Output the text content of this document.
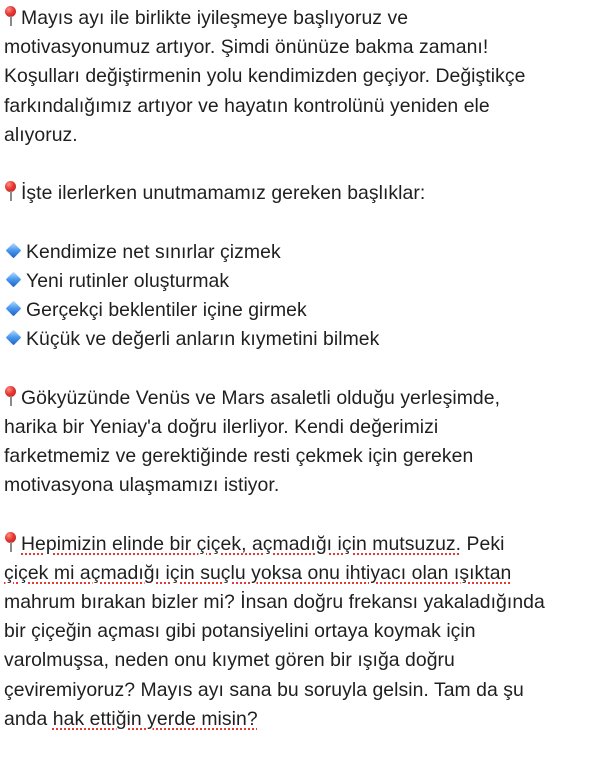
Mayıs ayı ile birlikte iyileşmeye başlıyoruz ve
motivasyonumuz artıyor. Şimdi önünüze bakma zamanı!
Koşulları değiştirmenin yolu kendimizden geçiyor. Değiştikçe
farkındalığımız artıyor ve hayatın kontrolünü yeniden ele
alıyoruz.
İşte ilerlerken unutmamamız gereken başlıklar:
Kendimize net sınırlar çizmek
Yeni rutinler oluşturmak
Gerçekçi beklentiler içine girmek
Küçük ve değerli anların kıymetini bilmek
Gökyüzünde Venüs ve Mars asaletli olduğu yerleşimde,
harika bir Yeniay'a doğru ilerliyor. Kendi değerimizi
farketmemiz ve gerektiğinde resti çekmek için gereken
motivasyona ulaşmamızı istiyor.
Hepimizin elinde bir çiçek, açmadığı için mutsuzuz. Peki
çiçek mi açmadığı için suçlu yoksa onu ihtiyacı olan ışıktan
mahrum bırakan bizler mi? İnsan doğru frekansı yakaladığında
bir çiçeğin açması gibi potansiyelini ortaya koymak için
varolmuşsa, neden onu kıymet gören bir ışığa doğru
çeviremiyoruz? Mayıs ayı sana bu soruyla gelsin. Tam da şu
anda hak ettiğin yerde misin?
